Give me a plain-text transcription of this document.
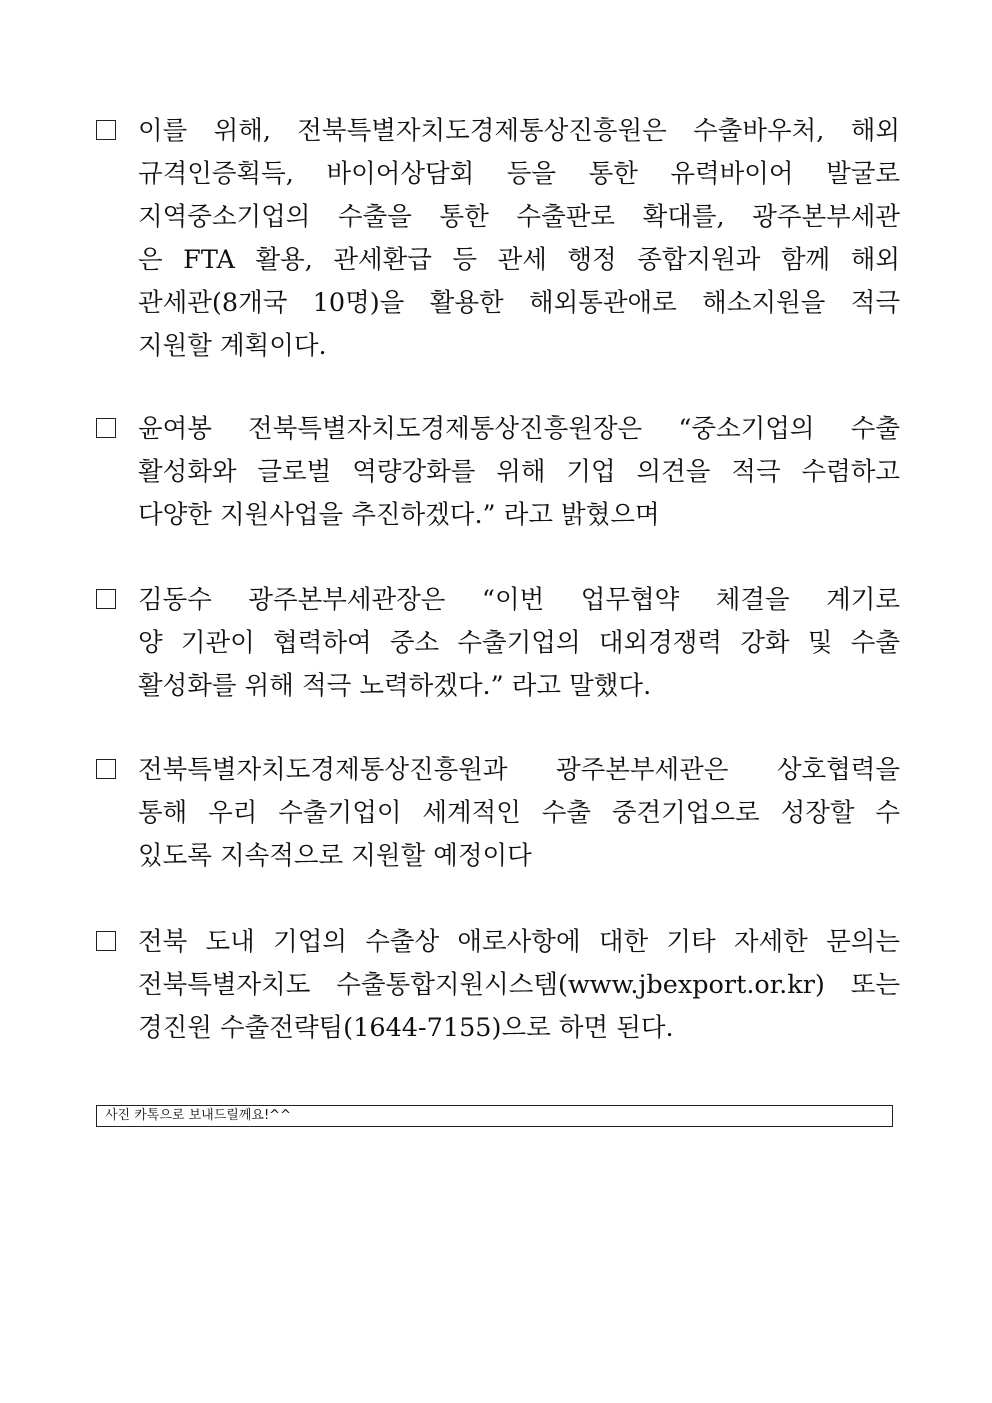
이를 위해, 전북특별자치도경제통상진흥원은 수출바우처, 해외
규격인증획득, 바이어상담회 등을 통한 유력바이어 발굴로
지역중소기업의 수출을 통한 수출판로 확대를, 광주본부세관
은 FTA 활용, 관세환급 등 관세 행정 종합지원과 함께 해외
관세관(8개국 10명)을 활용한 해외통관애로 해소지원을 적극
지원할 계획이다.
윤여봉 전북특별자치도경제통상진흥원장은 “중소기업의 수출
활성화와 글로벌 역량강화를 위해 기업 의견을 적극 수렴하고
다양한 지원사업을 추진하겠다.” 라고 밝혔으며
김동수 광주본부세관장은 “이번 업무협약 체결을 계기로
양 기관이 협력하여 중소 수출기업의 대외경쟁력 강화 및 수출
활성화를 위해 적극 노력하겠다.” 라고 말했다.
전북특별자치도경제통상진흥원과 광주본부세관은 상호협력을
통해 우리 수출기업이 세계적인 수출 중견기업으로 성장할 수
있도록 지속적으로 지원할 예정이다
전북 도내 기업의 수출상 애로사항에 대한 기타 자세한 문의는
전북특별자치도 수출통합지원시스템(www.jbexport.or.kr) 또는
경진원 수출전략팀(1644-7155)으로 하면 된다.
사진 카톡으로 보내드릴께요!^^
